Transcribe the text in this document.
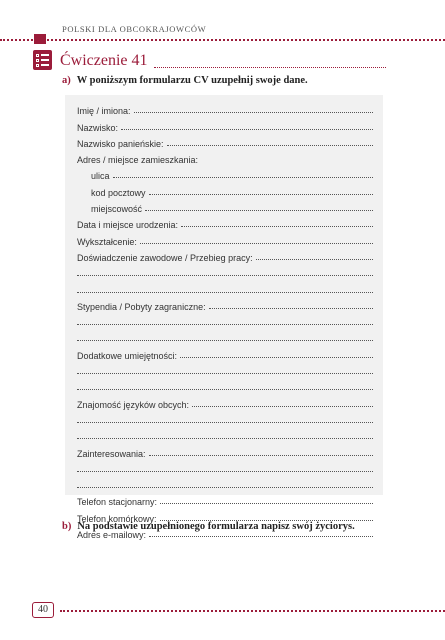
POLSKI DLA OBCOKRAJOWCÓW
Ćwiczenie 41
a) W poniższym formularzu CV uzupełnij swoje dane.
Imię / imiona:
Nazwisko:
Nazwisko panieńskie:
Adres / miejsce zamieszkania:
ulica
kod pocztowy
miejscowość
Data i miejsce urodzenia:
Wykształcenie:
Doświadczenie zawodowe / Przebieg pracy:
Stypendia / Pobyty zagraniczne:
Dodatkowe umiejętności:
Znajomość języków obcych:
Zainteresowania:
Telefon stacjonarny:
Telefon komórkowy:
Adres e-mailowy:
b) Na podstawie uzupełnionego formularza napisz swój życiorys.
40
